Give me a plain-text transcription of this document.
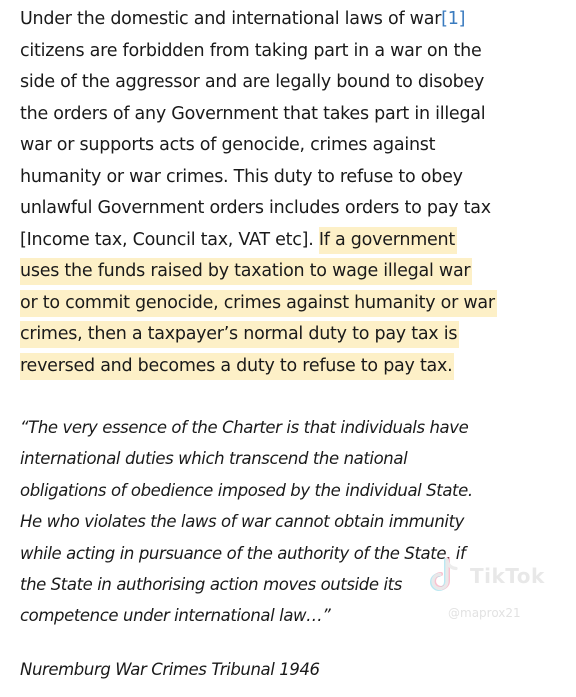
Under the domestic and international laws of war[1]
citizens are forbidden from taking part in a war on the
side of the aggressor and are legally bound to disobey
the orders of any Government that takes part in illegal
war or supports acts of genocide, crimes against
humanity or war crimes. This duty to refuse to obey
unlawful Government orders includes orders to pay tax
[Income tax, Council tax, VAT etc]. If a government
uses the funds raised by taxation to wage illegal war
or to commit genocide, crimes against humanity or war
crimes, then a taxpayer’s normal duty to pay tax is
reversed and becomes a duty to refuse to pay tax.

“The very essence of the Charter is that individuals have
international duties which transcend the national
obligations of obedience imposed by the individual State.
He who violates the laws of war cannot obtain immunity
while acting in pursuance of the authority of the State, if
the State in authorising action moves outside its
competence under international law…”

Nuremburg War Crimes Tribunal 1946

TikTok
@maprox21
